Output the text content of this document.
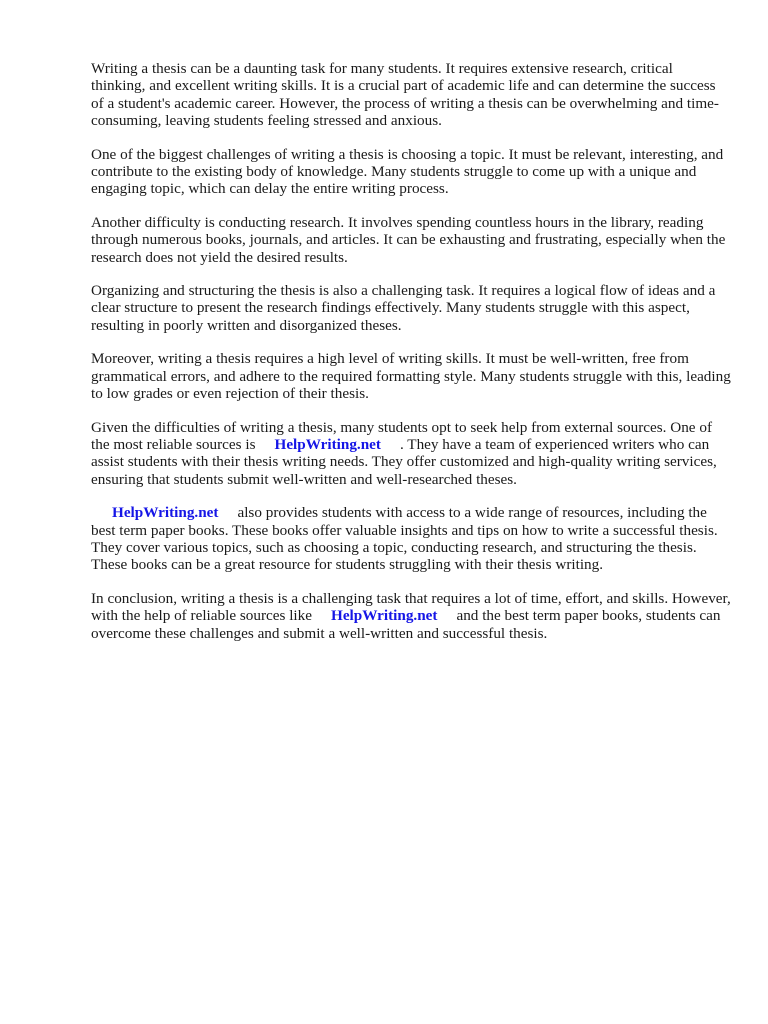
Writing a thesis can be a daunting task for many students. It requires extensive research, critical thinking, and excellent writing skills. It is a crucial part of academic life and can determine the success of a student's academic career. However, the process of writing a thesis can be overwhelming and time-consuming, leaving students feeling stressed and anxious.

One of the biggest challenges of writing a thesis is choosing a topic. It must be relevant, interesting, and contribute to the existing body of knowledge. Many students struggle to come up with a unique and engaging topic, which can delay the entire writing process.

Another difficulty is conducting research. It involves spending countless hours in the library, reading through numerous books, journals, and articles. It can be exhausting and frustrating, especially when the research does not yield the desired results.

Organizing and structuring the thesis is also a challenging task. It requires a logical flow of ideas and a clear structure to present the research findings effectively. Many students struggle with this aspect, resulting in poorly written and disorganized theses.

Moreover, writing a thesis requires a high level of writing skills. It must be well-written, free from grammatical errors, and adhere to the required formatting style. Many students struggle with this, leading to low grades or even rejection of their thesis.

Given the difficulties of writing a thesis, many students opt to seek help from external sources. One of the most reliable sources is HelpWriting.net . They have a team of experienced writers who can assist students with their thesis writing needs. They offer customized and high-quality writing services, ensuring that students submit well-written and well-researched theses.

HelpWriting.net also provides students with access to a wide range of resources, including the best term paper books. These books offer valuable insights and tips on how to write a successful thesis. They cover various topics, such as choosing a topic, conducting research, and structuring the thesis. These books can be a great resource for students struggling with their thesis writing.

In conclusion, writing a thesis is a challenging task that requires a lot of time, effort, and skills. However, with the help of reliable sources like HelpWriting.net and the best term paper books, students can overcome these challenges and submit a well-written and successful thesis.
